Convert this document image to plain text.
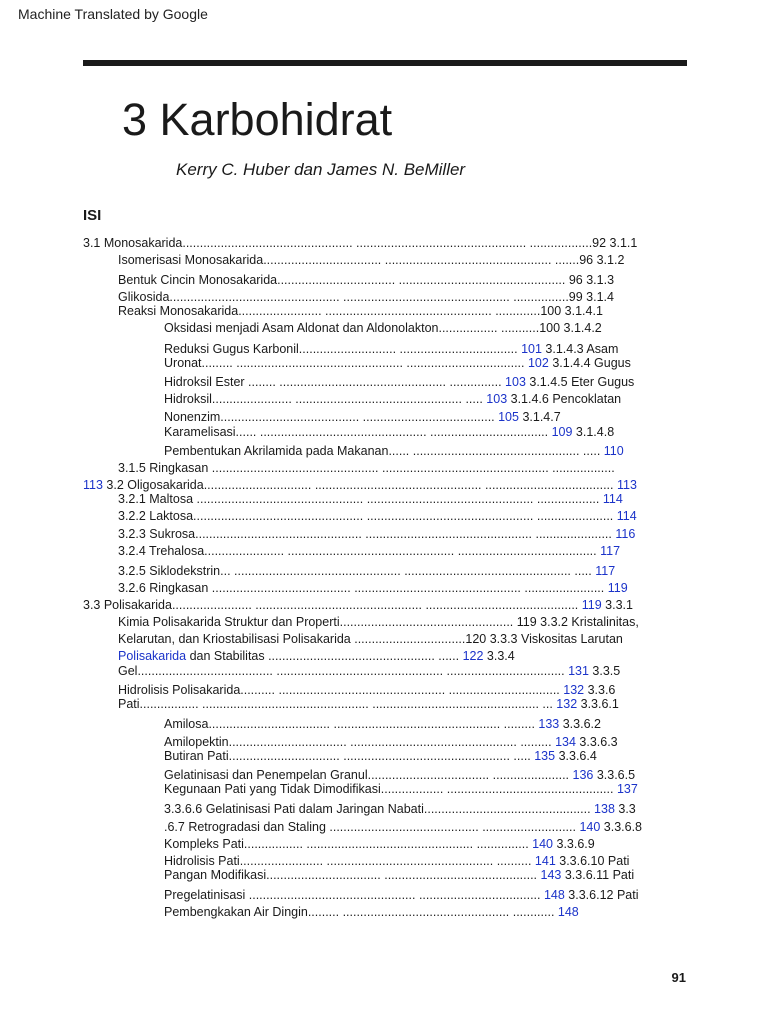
Machine Translated by Google
3 Karbohidrat
Kerry C. Huber dan James N. BeMiller
ISI
3.1 Monosakarida................................................. ................................................. ..................92 3.1.1
Isomerisasi Monosakarida.................................. ................................................ .......96 3.1.2
Bentuk Cincin Monosakarida.................................. ................................................ 96 3.1.3
Glikosida................................................. ................................................ ................99 3.1.4
Reaksi Monosakarida........................ ................................................ .............100 3.1.4.1
Oksidasi menjadi Asam Aldonat dan Aldonolakton................. ...........100 3.1.4.2
Reduksi Gugus Karbonil............................ .................................. 101 3.1.4.3 Asam
Uronat......... ................................................ .................................. 102 3.1.4.4 Gugus
Hidroksil Ester ........ ................................................ ............... 103 3.1.4.5 Eter Gugus
Hidroksil....................... ................................................ ..... 103 3.1.4.6 Pencoklatan
Nonenzim........................................ ...................................... 105 3.1.4.7
Karamelisasi...... ................................................ .................................. 109 3.1.4.8
Pembentukan Akrilamida pada Makanan...... ................................................ ..... 110
3.1.5 Ringkasan ................................................ ................................................ ..................
113 3.2 Oligosakarida............................... ................................................ ..................................... 113
3.2.1 Maltosa ................................................ ................................................ .................. 114
3.2.2 Laktosa................................................. ................................................ ...................... 114
3.2.3 Sukrosa................................................ ................................................ ...................... 116
3.2.4 Trehalosa....................... ................................................ ........................................ 117
3.2.5 Siklodekstrin... ................................................ ................................................ ..... 117
3.2.6 Ringkasan ........................................ ................................................ ....................... 119
3.3 Polisakarida....................... ................................................ ............................................ 119 3.3.1
Kimia Polisakarida Struktur dan Properti.................................................. 119 3.3.2 Kristalinitas,
Kelarutan, dan Kriostabilisasi Polisakarida ................................120 3.3.3 Viskositas Larutan
Polisakarida dan Stabilitas ................................................ ...... 122 3.3.4
Gel....................................... ................................................ .................................. 131 3.3.5
Hidrolisis Polisakarida.......... ................................................ ................................ 132 3.3.6
Pati................. ................................................ ................................................ ... 132 3.3.6.1
Amilosa................................... ................................................ ......... 133 3.3.6.2
Amilopektin.................................. ................................................ ......... 134 3.3.6.3
Butiran Pati................................ ................................................ ..... 135 3.3.6.4
Gelatinisasi dan Penempelan Granul................................... ...................... 136 3.3.6.5
Kegunaan Pati yang Tidak Dimodifikasi.................. ................................................ 137
3.3.6.6 Gelatinisasi Pati dalam Jaringan Nabati................................................ 138 3.3
.6.7 Retrogradasi dan Staling ........................................... ........................... 140 3.3.6.8
Kompleks Pati................. ................................................ ............... 140 3.3.6.9
Hidrolisis Pati........................ ................................................ .......... 141 3.3.6.10 Pati
Pangan Modifikasi................................. ............................................ 143 3.3.6.11 Pati
Pregelatinisasi ................................................ ................................... 148 3.3.6.12 Pati
Pembengkakan Air Dingin......... ................................................ ............ 148
91
